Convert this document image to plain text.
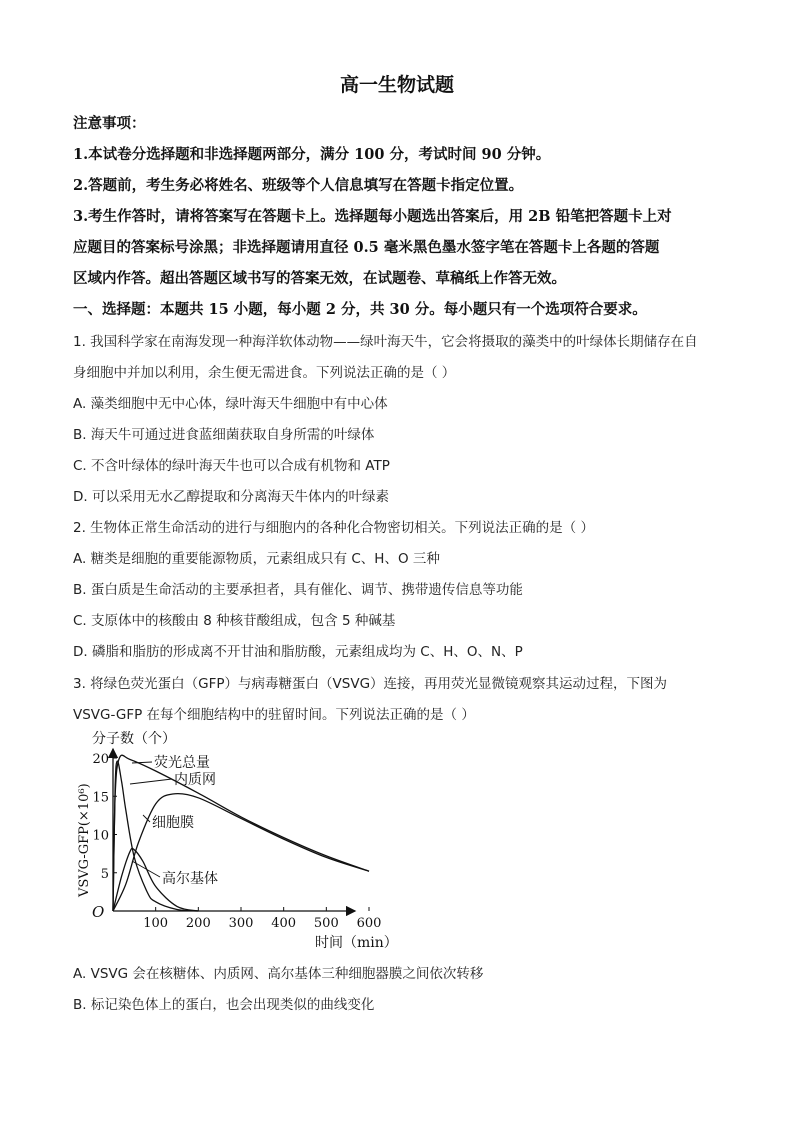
高一生物试题
注意事项：
1.本试卷分选择题和非选择题两部分，满分 100 分，考试时间 90 分钟。
2.答题前，考生务必将姓名、班级等个人信息填写在答题卡指定位置。
3.考生作答时，请将答案写在答题卡上。选择题每小题选出答案后，用 2B 铅笔把答题卡上对
应题目的答案标号涂黑；非选择题请用直径 0.5 毫米黑色墨水签字笔在答题卡上各题的答题
区域内作答。超出答题区域书写的答案无效，在试题卷、草稿纸上作答无效。
一、选择题：本题共 15 小题，每小题 2 分，共 30 分。每小题只有一个选项符合要求。
1. 我国科学家在南海发现一种海洋软体动物——绿叶海天牛，它会将摄取的藻类中的叶绿体长期储存在自
身细胞中并加以利用，余生便无需进食。下列说法正确的是（ ）
A. 藻类细胞中无中心体，绿叶海天牛细胞中有中心体
B. 海天牛可通过进食蓝细菌获取自身所需的叶绿体
C. 不含叶绿体的绿叶海天牛也可以合成有机物和 ATP
D. 可以采用无水乙醇提取和分离海天牛体内的叶绿素
2. 生物体正常生命活动的进行与细胞内的各种化合物密切相关。下列说法正确的是（ ）
A. 糖类是细胞的重要能源物质，元素组成只有 C、H、O 三种
B. 蛋白质是生命活动的主要承担者，具有催化、调节、携带遗传信息等功能
C. 支原体中的核酸由 8 种核苷酸组成，包含 5 种碱基
D. 磷脂和脂肪的形成离不开甘油和脂肪酸，元素组成均为 C、H、O、N、P
3. 将绿色荧光蛋白（GFP）与病毒糖蛋白（VSVG）连接，再用荧光显微镜观察其运动过程，下图为
VSVG-GFP 在每个细胞结构中的驻留时间。下列说法正确的是（ ）
分子数（个）
VSVG-GFP(×10⁶)
O
时间（min）
100 200 300 400 500 600
5
10
15
20	荧光总量
内质网
细胞膜
高尔基体
A. VSVG 会在核糖体、内质网、高尔基体三种细胞器膜之间依次转移
B. 标记染色体上的蛋白，也会出现类似的曲线变化
